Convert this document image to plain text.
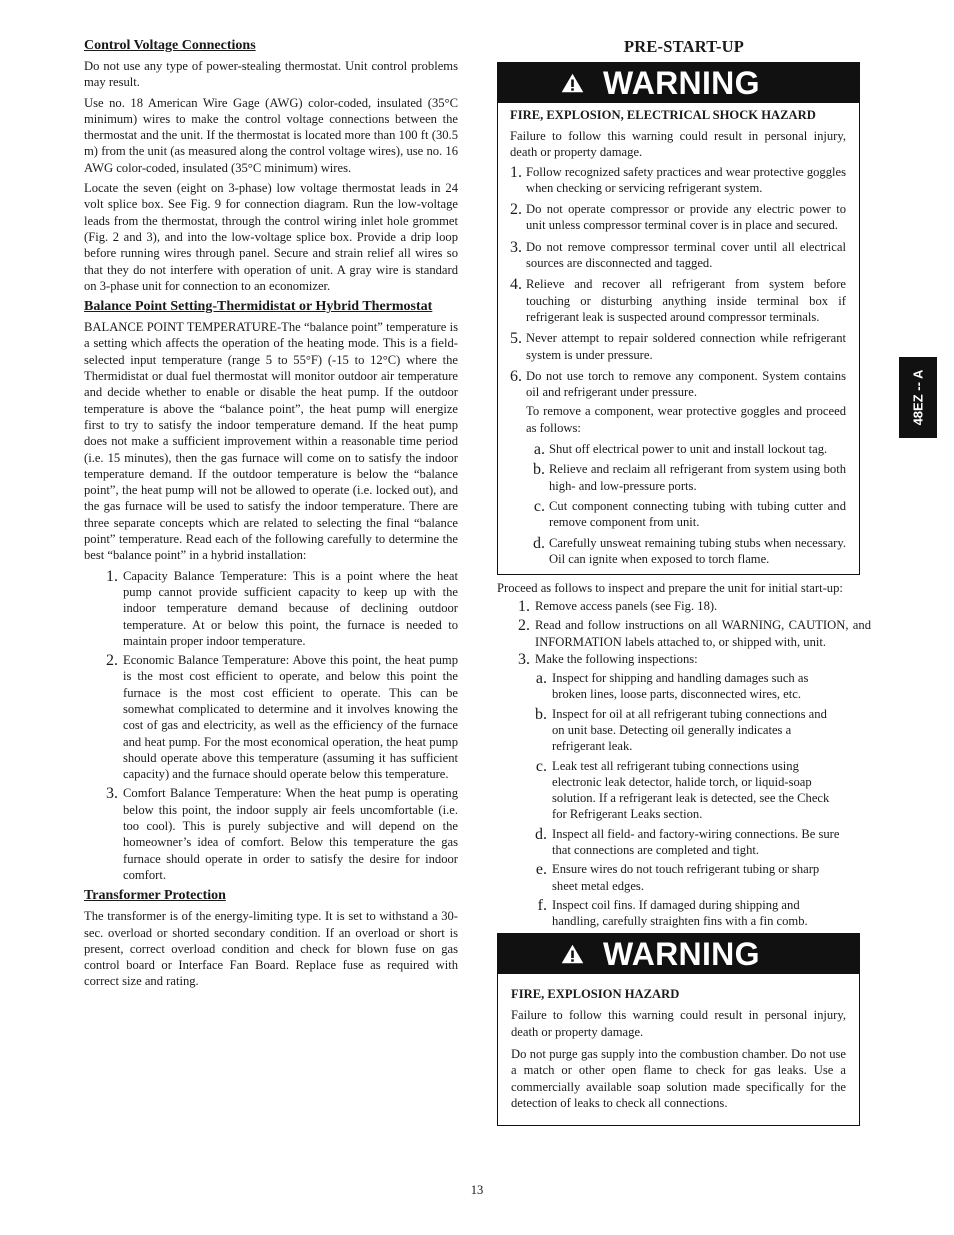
Control Voltage Connections

Do not use any type of power-stealing thermostat. Unit control problems may result.

Use no. 18 American Wire Gage (AWG) color-coded, insulated (35°C minimum) wires to make the control voltage connections between the thermostat and the unit. If the thermostat is located more than 100 ft (30.5 m) from the unit (as measured along the control voltage wires), use no. 16 AWG color-coded, insulated (35°C minimum) wires.

Locate the seven (eight on 3-phase) low voltage thermostat leads in 24 volt splice box. See Fig. 9 for connection diagram. Run the low-voltage leads from the thermostat, through the control wiring inlet hole grommet (Fig. 2 and 3), and into the low-voltage splice box. Provide a drip loop before running wires through panel. Secure and strain relief all wires so that they do not interfere with operation of unit. A gray wire is standard on 3-phase unit for connection to an economizer.

Balance Point Setting-Thermidistat or Hybrid Thermostat

BALANCE POINT TEMPERATURE-The “balance point” temperature is a setting which affects the operation of the heating mode. This is a field-selected input temperature (range 5 to 55°F) (-15 to 12°C) where the Thermidistat or dual fuel thermostat will monitor outdoor air temperature and decide whether to enable or disable the heat pump. If the outdoor temperature is above the “balance point”, the heat pump will energize first to try to satisfy the indoor temperature demand. If the heat pump does not make a sufficient improvement within a reasonable time period (i.e. 15 minutes), then the gas furnace will come on to satisfy the indoor temperature demand. If the outdoor temperature is below the “balance point”, the heat pump will not be allowed to operate (i.e. locked out), and the gas furnace will be used to satisfy the indoor temperature. There are three separate concepts which are related to selecting the final “balance point” temperature. Read each of the following carefully to determine the best “balance point” in a hybrid installation:

1. Capacity Balance Temperature: This is a point where the heat pump cannot provide sufficient capacity to keep up with the indoor temperature demand because of declining outdoor temperature. At or below this point, the furnace is needed to maintain proper indoor temperature.

2. Economic Balance Temperature: Above this point, the heat pump is the most cost efficient to operate, and below this point the furnace is the most cost efficient to operate. This can be somewhat complicated to determine and it involves knowing the cost of gas and electricity, as well as the efficiency of the furnace and heat pump. For the most economical operation, the heat pump should operate above this temperature (assuming it has sufficient capacity) and the furnace should operate below this temperature.

3. Comfort Balance Temperature: When the heat pump is operating below this point, the indoor supply air feels uncomfortable (i.e. too cool). This is purely subjective and will depend on the homeowner’s idea of comfort. Below this temperature the gas furnace should operate in order to satisfy the desire for indoor comfort.

Transformer Protection

The transformer is of the energy-limiting type. It is set to withstand a 30-sec. overload or shorted secondary condition. If an overload or short is present, correct overload condition and check for blown fuse on gas control board or Interface Fan Board. Replace fuse as required with correct size and rating.

PRE-START-UP
WARNING
FIRE, EXPLOSION, ELECTRICAL SHOCK HAZARD

Failure to follow this warning could result in personal injury, death or property damage.

1. Follow recognized safety practices and wear protective goggles when checking or servicing refrigerant system.

2. Do not operate compressor or provide any electric power to unit unless compressor terminal cover is in place and secured.

3. Do not remove compressor terminal cover until all electrical sources are disconnected and tagged.

4. Relieve and recover all refrigerant from system before touching or disturbing anything inside terminal box if refrigerant leak is suspected around compressor terminals.

5. Never attempt to repair soldered connection while refrigerant system is under pressure.

6. Do not use torch to remove any component. System contains oil and refrigerant under pressure.

To remove a component, wear protective goggles and proceed as follows:

a. Shut off electrical power to unit and install lockout tag.

b. Relieve and reclaim all refrigerant from system using both high- and low-pressure ports.

c. Cut component connecting tubing with tubing cutter and remove component from unit.

d. Carefully unsweat remaining tubing stubs when necessary. Oil can ignite when exposed to torch flame.

Proceed as follows to inspect and prepare the unit for initial start-up:

1. Remove access panels (see Fig. 18).

2. Read and follow instructions on all WARNING, CAUTION, and INFORMATION labels attached to, or shipped with, unit.

3. Make the following inspections:

a. Inspect for shipping and handling damages such as broken lines, loose parts, disconnected wires, etc.

b. Inspect for oil at all refrigerant tubing connections and on unit base. Detecting oil generally indicates a refrigerant leak.

c. Leak test all refrigerant tubing connections using electronic leak detector, halide torch, or liquid-soap solution. If a refrigerant leak is detected, see the Check for Refrigerant Leaks section.

d. Inspect all field- and factory-wiring connections. Be sure that connections are completed and tight.

e. Ensure wires do not touch refrigerant tubing or sharp sheet metal edges.

f. Inspect coil fins. If damaged during shipping and handling, carefully straighten fins with a fin comb.

WARNING
FIRE, EXPLOSION HAZARD

Failure to follow this warning could result in personal injury, death or property damage.

Do not purge gas supply into the combustion chamber. Do not use a match or other open flame to check for gas leaks. Use a commercially available soap solution made specifically for the detection of leaks to check all connections.

48EZ -- A
13
